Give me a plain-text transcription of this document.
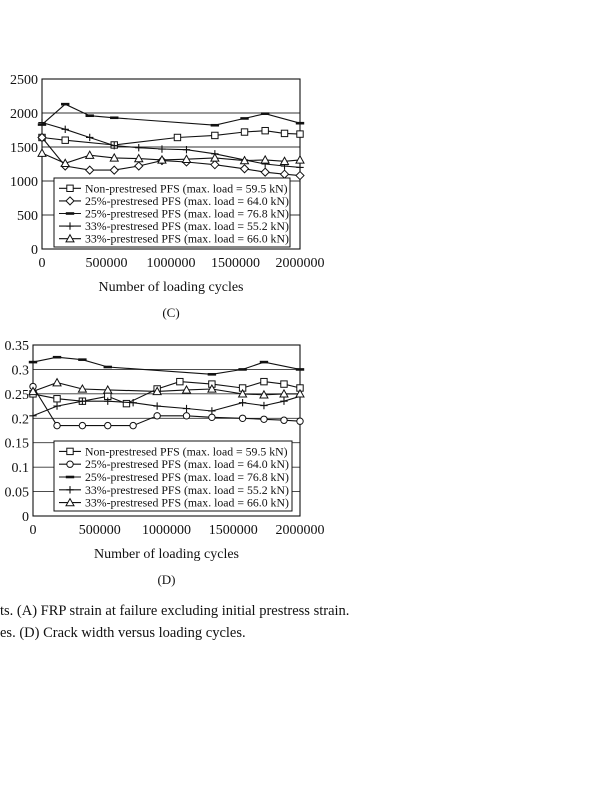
0
500
1000
1500
2000
2500
0	500000 1000000 1500000 2000000
Number of loading cycles
(C)
Non-prestresed PFS (max. load = 59.5 kN)
25%-prestresed PFS (max. load = 64.0 kN)
25%-prestresed PFS (max. load = 76.8 kN)
33%-prestresed PFS (max. load = 55.2 kN)
33%-prestresed PFS (max. load = 66.0 kN)
0
0.05
0.1
0.15
0.2
0.25
0.3
0.35
0	500000 1000000 1500000 2000000
Number of loading cycles
(D)
Non-prestresed PFS (max. load = 59.5 kN)
25%-prestresed PFS (max. load = 64.0 kN)
25%-prestresed PFS (max. load = 76.8 kN)
33%-prestresed PFS (max. load = 55.2 kN)
33%-prestresed PFS (max. load = 66.0 kN)
ts. (A) FRP strain at failure excluding initial prestress strain.
es. (D) Crack width versus loading cycles.
